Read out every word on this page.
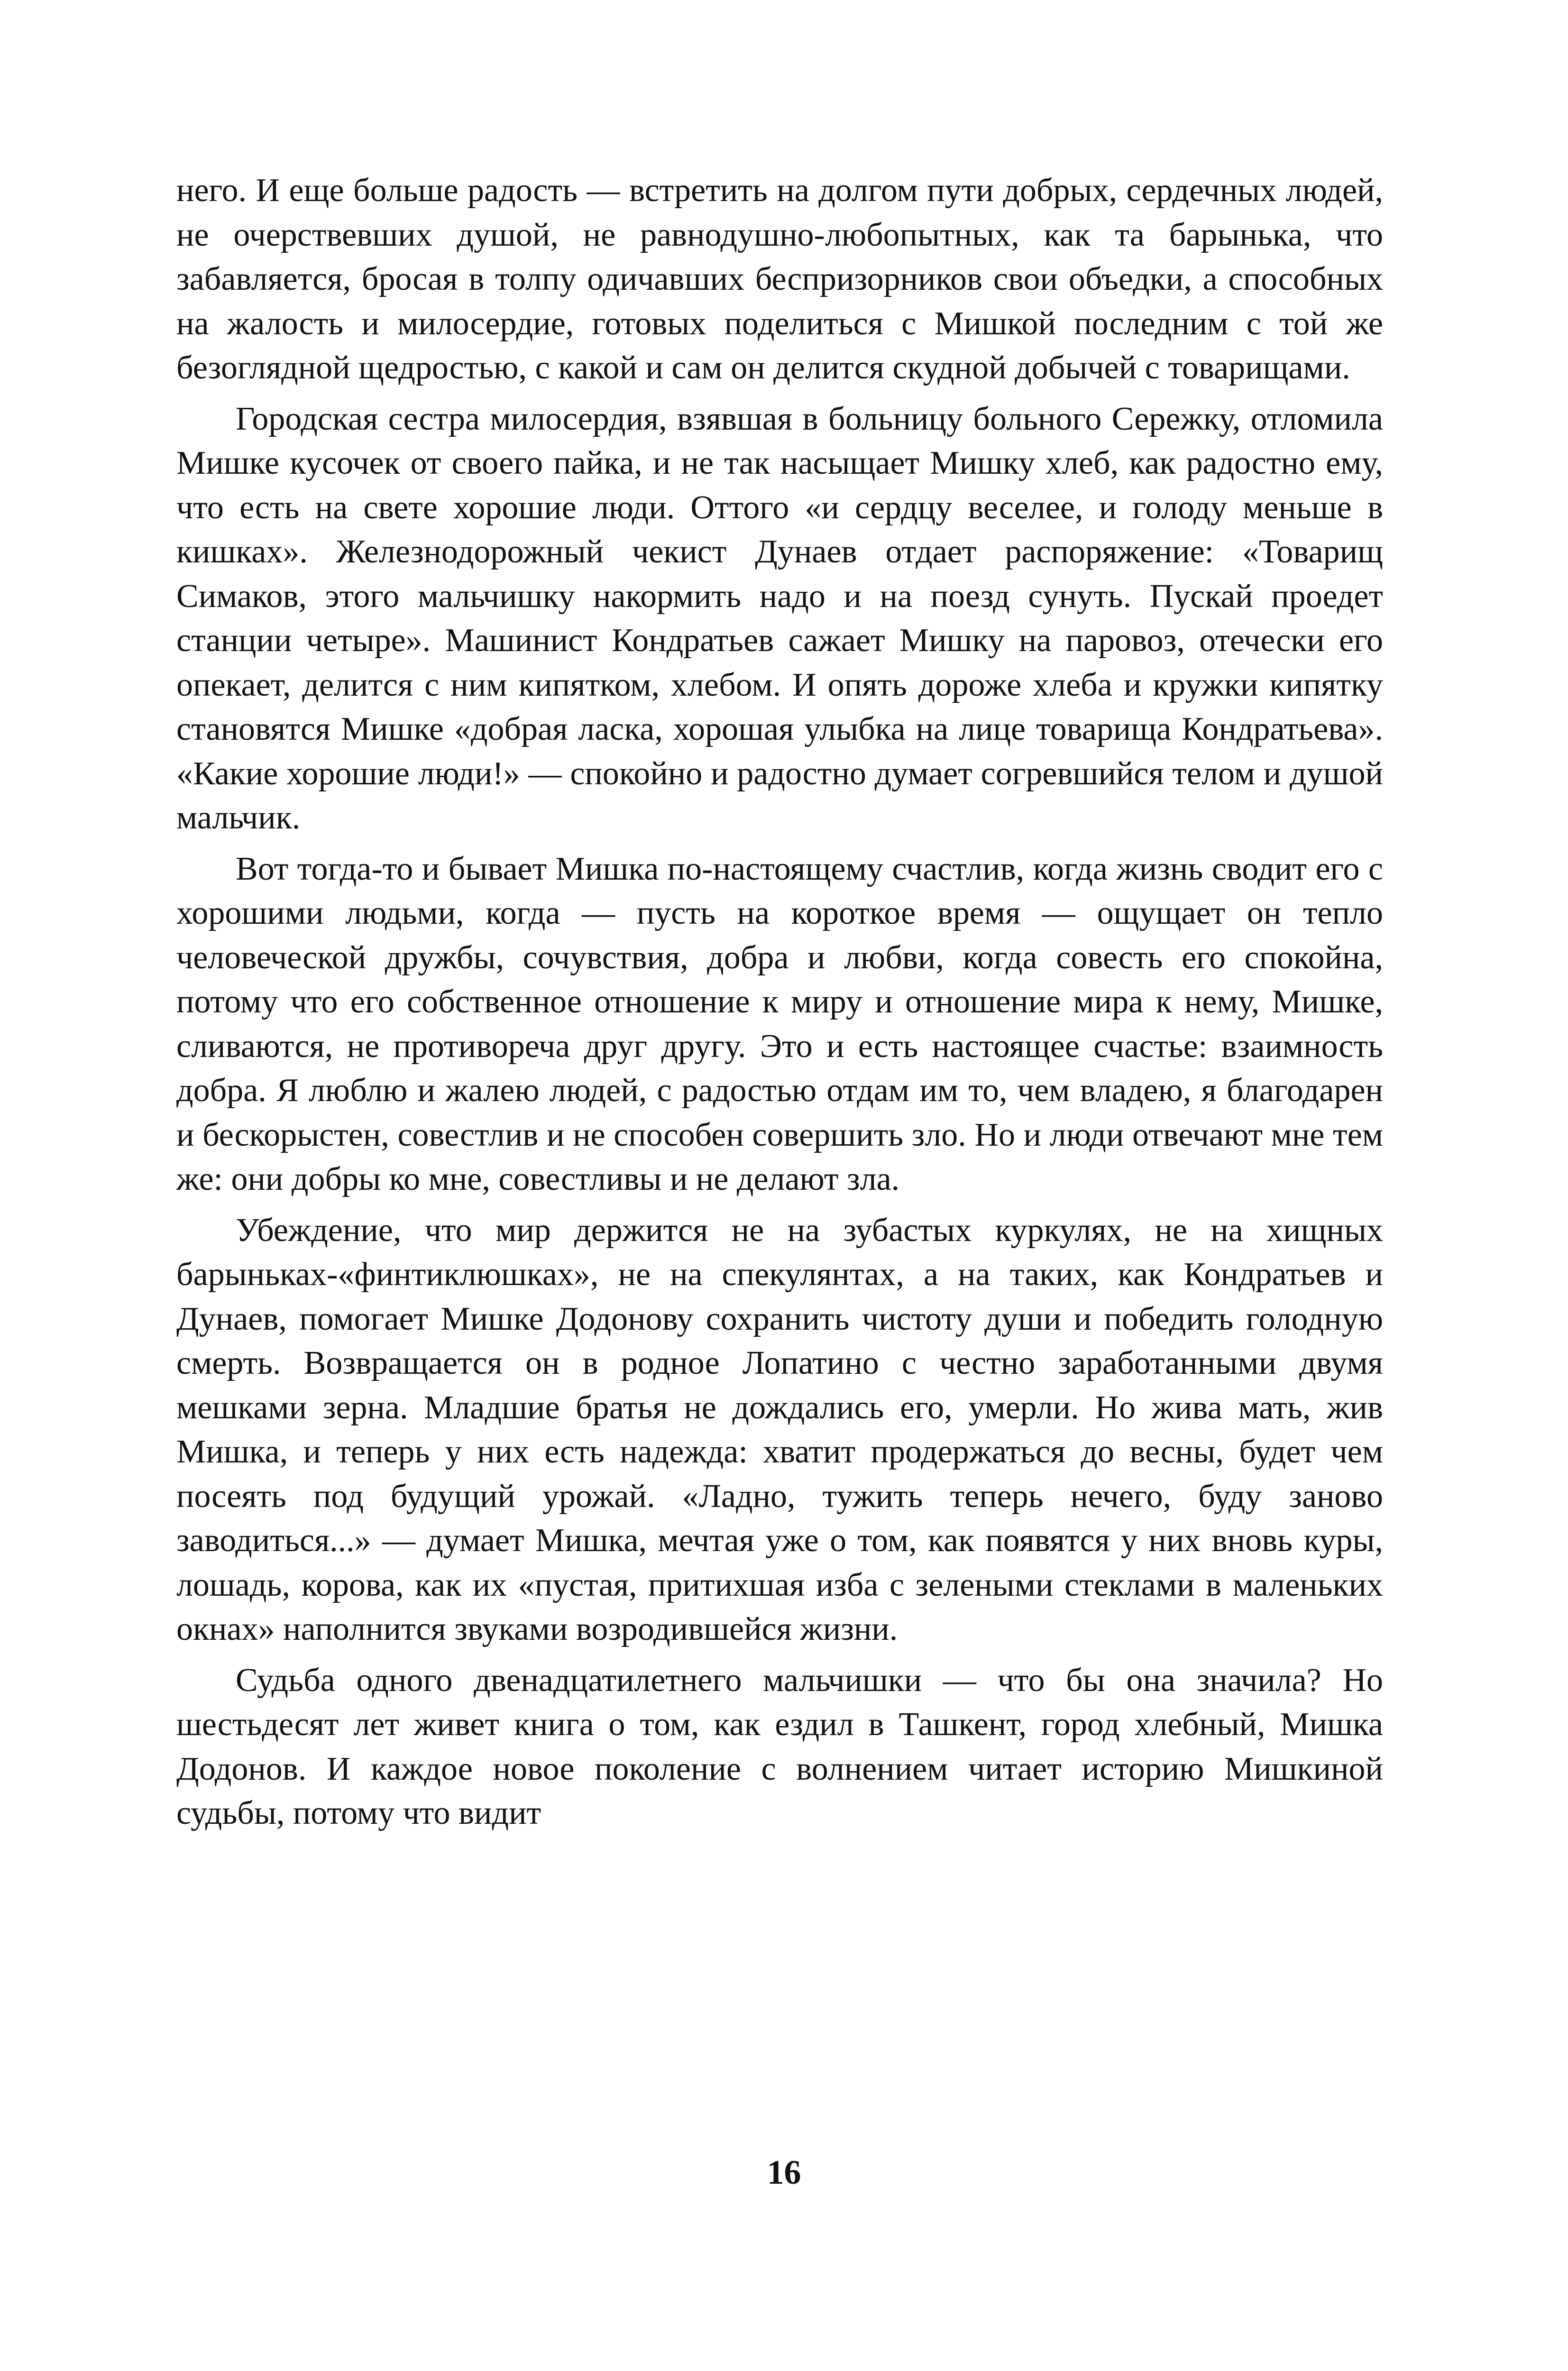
него. И еще больше радость — встретить на долгом пути добрых, сердечных людей, не очерствевших душой, не равнодушно-любопытных, как та барынька, что забавляется, бросая в толпу одичавших беспризорников свои объедки, а способных на жалость и милосердие, готовых поделиться с Мишкой последним с той же безоглядной щедростью, с какой и сам он делится скудной добычей с товарищами.

Городская сестра милосердия, взявшая в больницу больного Сережку, отломила Мишке кусочек от своего пайка, и не так насыщает Мишку хлеб, как радостно ему, что есть на свете хорошие люди. Оттого «и сердцу веселее, и голоду меньше в кишках». Железнодорожный чекист Дунаев отдает распоряжение: «Товарищ Симаков, этого мальчишку накормить надо и на поезд сунуть. Пускай проедет станции четыре». Машинист Кондратьев сажает Мишку на паровоз, отечески его опекает, делится с ним кипятком, хлебом. И опять дороже хлеба и кружки кипятку становятся Мишке «добрая ласка, хорошая улыбка на лице товарища Кондратьева». «Какие хорошие люди!» — спокойно и радостно думает согревшийся телом и душой мальчик.

Вот тогда-то и бывает Мишка по-настоящему счастлив, когда жизнь сводит его с хорошими людьми, когда — пусть на короткое время — ощущает он тепло человеческой дружбы, сочувствия, добра и любви, когда совесть его спокойна, потому что его собственное отношение к миру и отношение мира к нему, Мишке, сливаются, не противореча друг другу. Это и есть настоящее счастье: взаимность добра. Я люблю и жалею людей, с радостью отдам им то, чем владею, я благодарен и бескорыстен, совестлив и не способен совершить зло. Но и люди отвечают мне тем же: они добры ко мне, совестливы и не делают зла.

Убеждение, что мир держится не на зубастых куркулях, не на хищных барыньках-«финтиклюшках», не на спекулянтах, а на таких, как Кондратьев и Дунаев, помогает Мишке Додонову сохранить чистоту души и победить голодную смерть. Возвращается он в родное Лопатино с честно заработанными двумя мешками зерна. Младшие братья не дождались его, умерли. Но жива мать, жив Мишка, и теперь у них есть надежда: хватит продержаться до весны, будет чем посеять под будущий урожай. «Ладно, тужить теперь нечего, буду заново заводиться...» — думает Мишка, мечтая уже о том, как появятся у них вновь куры, лошадь, корова, как их «пустая, притихшая изба с зелеными стеклами в маленьких окнах» наполнится звуками возродившейся жизни.

Судьба одного двенадцатилетнего мальчишки — что бы она значила? Но шестьдесят лет живет книга о том, как ездил в Ташкент, город хлебный, Мишка Додонов. И каждое новое поколение с волнением читает историю Мишкиной судьбы, потому что видит

16
